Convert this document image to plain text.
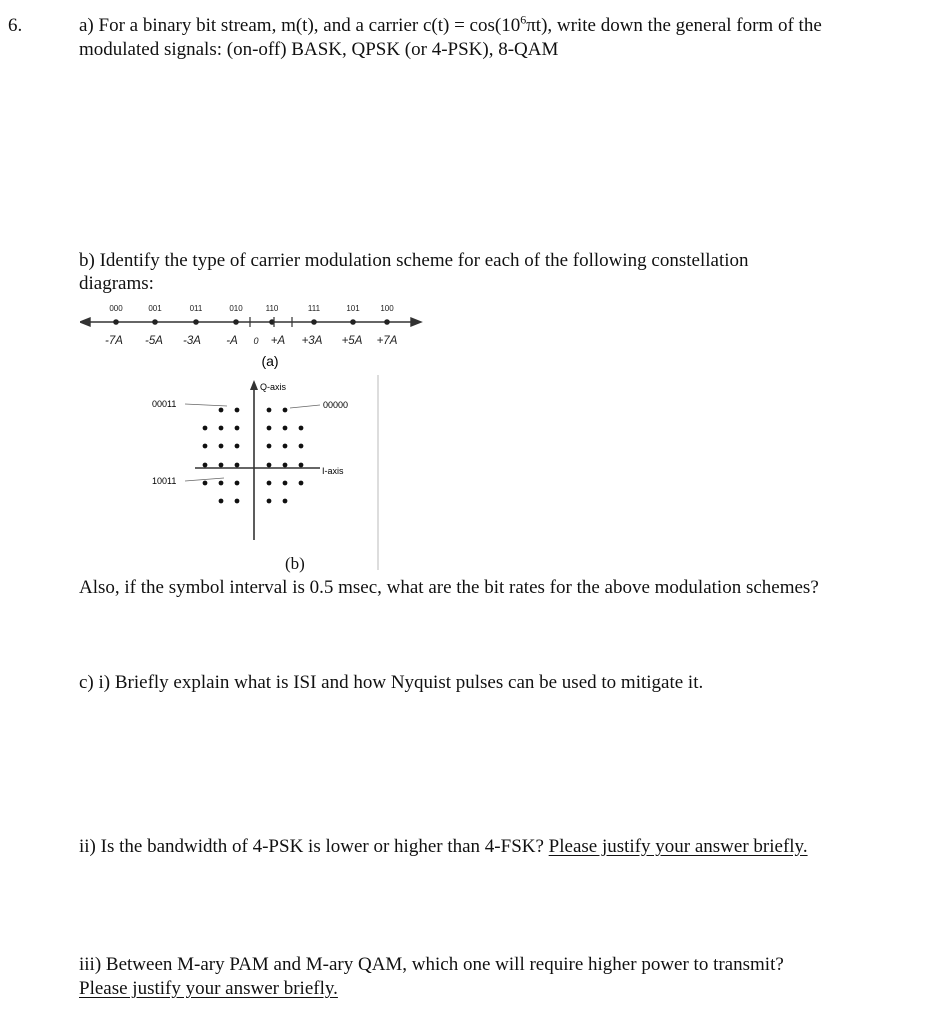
6.	a) For a binary bit stream, m(t), and a carrier $c(t) = \cos(10^6\pi t)$, write down the general form of the
modulated signals: (on-off) BASK, QPSK (or 4-PSK), 8-QAM
b) Identify the type of carrier modulation scheme for each of the following constellation
diagrams:
000	001	011	010	110	111	101	100
-7A -5A -3A -A 0 +A +3A +5A +7A
(a)
Q-axis
I-axis
00011	00000
10011
(b)
Also, if the symbol interval is 0.5 msec, what are the bit rates for the above modulation schemes?
c) i) Briefly explain what is ISI and how Nyquist pulses can be used to mitigate it.
ii) Is the bandwidth of 4-PSK is lower or higher than 4-FSK? Please justify your answer briefly.
iii) Between M-ary PAM and M-ary QAM, which one will require higher power to transmit?
Please justify your answer briefly.
